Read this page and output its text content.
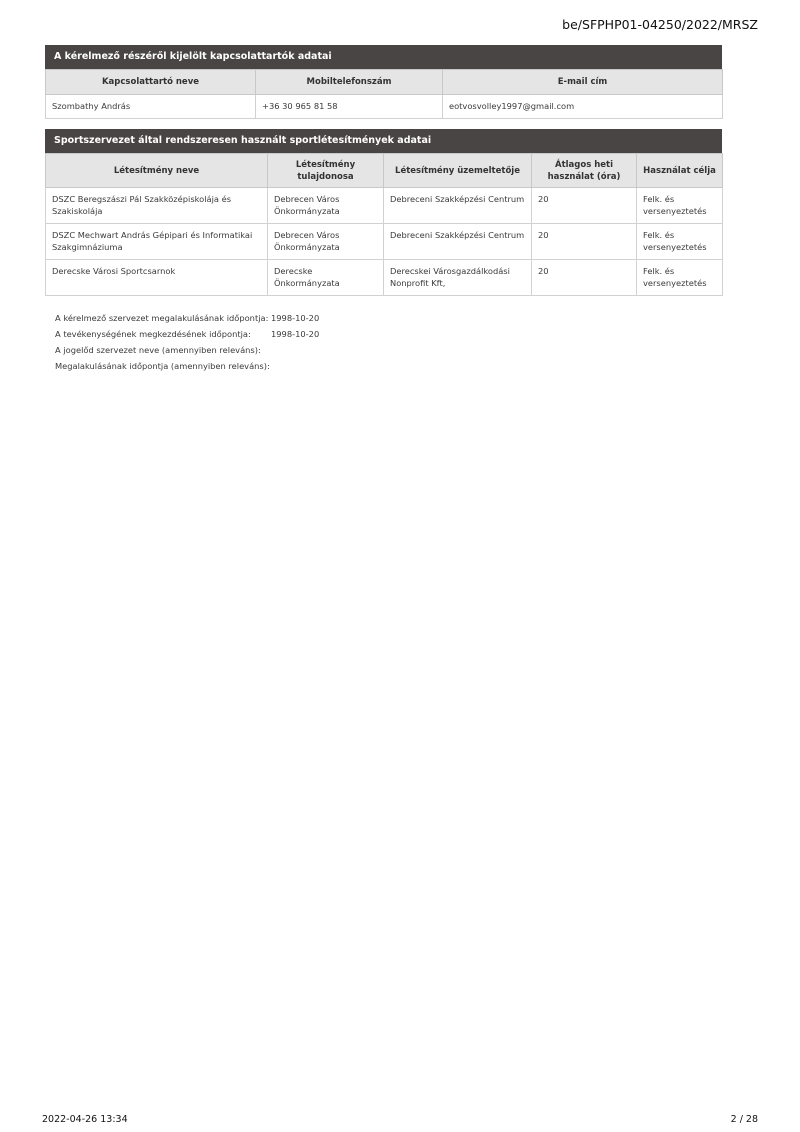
be/SFPHP01-04250/2022/MRSZ
A kérelmező részéről kijelölt kapcsolattartók adatai
Kapcsolattartó neve	Mobiltelefonszám	E-mail cím
Szombathy András	+36 30 965 81 58	eotvosvolley1997@gmail.com
Sportszervezet által rendszeresen használt sportlétesítmények adatai
Létesítmény neve	Létesítmény tulajdonosa	Létesítmény üzemeltetője	Átlagos heti használat (óra)	Használat célja
DSZC Beregszászi Pál Szakközépiskolája és Szakiskolája	Debrecen Város Önkormányzata	Debreceni Szakképzési Centrum	20	Felk. és versenyeztetés
DSZC Mechwart András Gépipari és Informatikai Szakgimnáziuma	Debrecen Város Önkormányzata	Debreceni Szakképzési Centrum	20	Felk. és versenyeztetés
Derecske Városi Sportcsarnok	Derecske Önkormányzata	Derecskei Városgazdálkodási Nonprofit Kft,	20	Felk. és versenyeztetés
A kérelmező szervezet megalakulásának időpontja: 1998-10-20
A tevékenységének megkezdésének időpontja:	1998-10-20
A jogelőd szervezet neve (amennyiben releváns):
Megalakulásának időpontja (amennyiben releváns):
2022-04-26 13:34	2 / 28
